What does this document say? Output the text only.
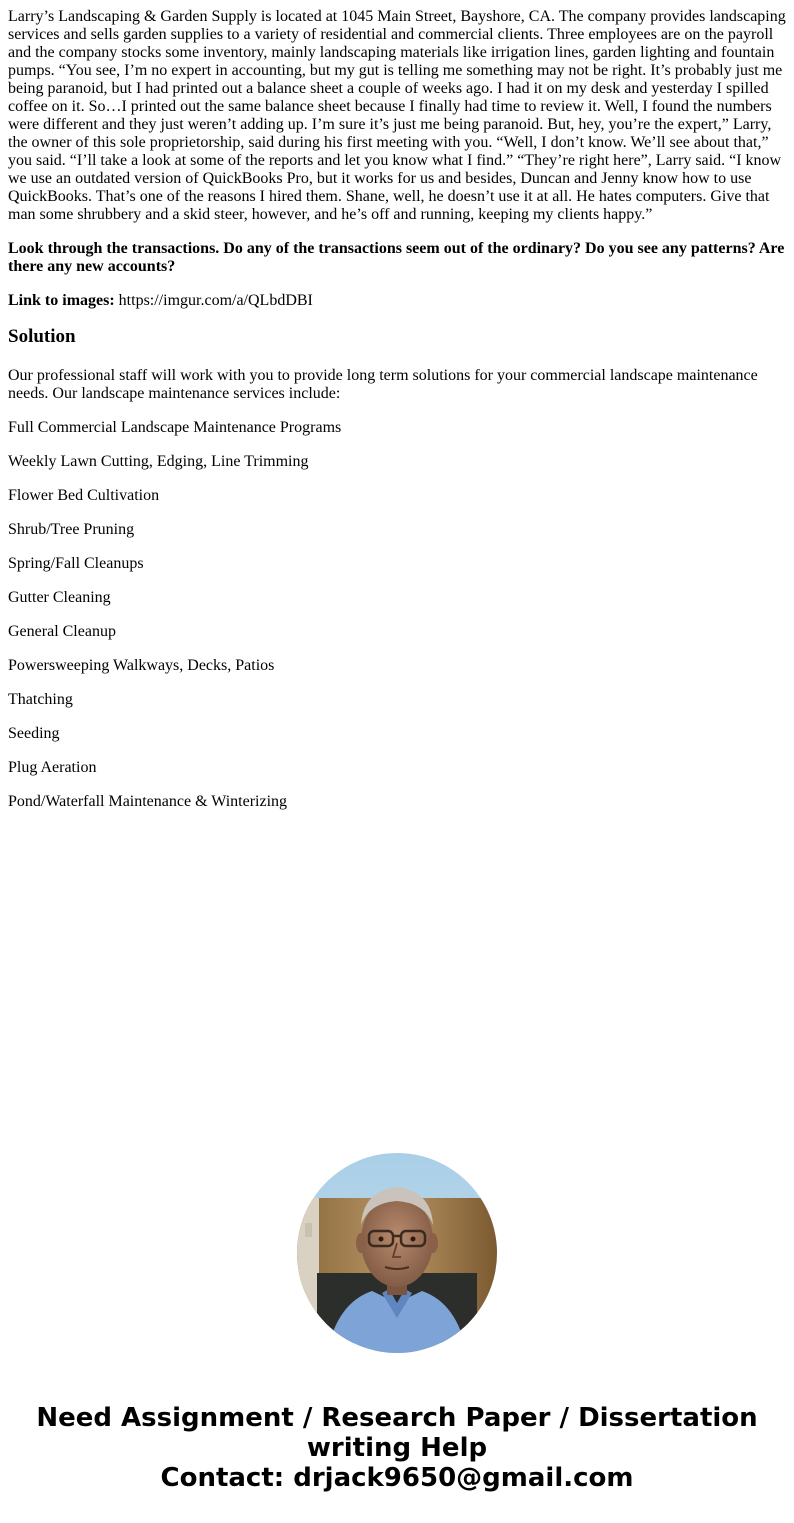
Larry’s Landscaping & Garden Supply is located at 1045 Main Street, Bayshore, CA. The company provides landscaping services and sells garden supplies to a variety of residential and commercial clients. Three employees are on the payroll and the company stocks some inventory, mainly landscaping materials like irrigation lines, garden lighting and fountain pumps. “You see, I’m no expert in accounting, but my gut is telling me something may not be right. It’s probably just me being paranoid, but I had printed out a balance sheet a couple of weeks ago. I had it on my desk and yesterday I spilled coffee on it. So…I printed out the same balance sheet because I finally had time to review it. Well, I found the numbers were different and they just weren’t adding up. I’m sure it’s just me being paranoid. But, hey, you’re the expert,” Larry, the owner of this sole proprietorship, said during his first meeting with you. “Well, I don’t know. We’ll see about that,” you said. “I’ll take a look at some of the reports and let you know what I find.” “They’re right here”, Larry said. “I know we use an outdated version of QuickBooks Pro, but it works for us and besides, Duncan and Jenny know how to use QuickBooks. That’s one of the reasons I hired them. Shane, well, he doesn’t use it at all. He hates computers. Give that man some shrubbery and a skid steer, however, and he’s off and running, keeping my clients happy.”

Look through the transactions. Do any of the transactions seem out of the ordinary? Do you see any patterns? Are there any new accounts?

Link to images: https://imgur.com/a/QLbdDBI

Solution

Our professional staff will work with you to provide long term solutions for your commercial landscape maintenance needs. Our landscape maintenance services include:

Full Commercial Landscape Maintenance Programs
Weekly Lawn Cutting, Edging, Line Trimming
Flower Bed Cultivation
Shrub/Tree Pruning
Spring/Fall Cleanups
Gutter Cleaning
General Cleanup
Powersweeping Walkways, Decks, Patios
Thatching
Seeding
Plug Aeration
Pond/Waterfall Maintenance & Winterizing
Need Assignment / Research Paper / Dissertation
writing Help
Contact: drjack9650@gmail.com
